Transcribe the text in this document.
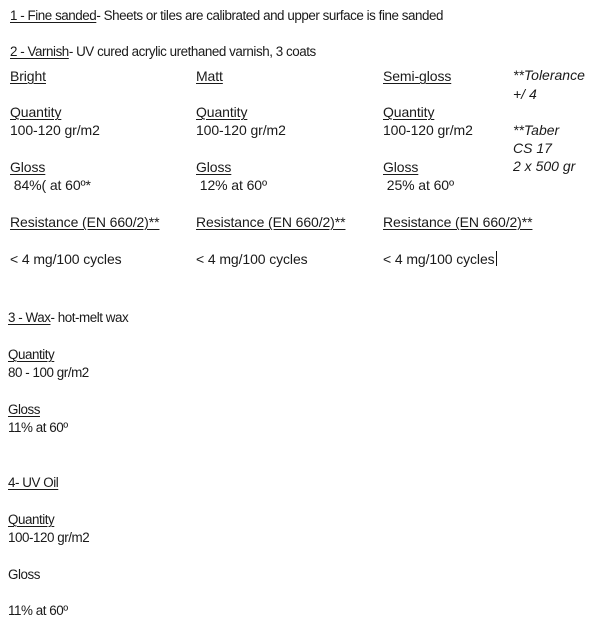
1 - Fine sanded- Sheets or tiles are calibrated and upper surface is fine sanded
2 - Varnish- UV cured acrylic urethaned varnish, 3 coats
Bright
Quantity
100-120 gr/m2
Gloss
84%( at 60º*
Resistance (EN 660/2)**
< 4 mg/100 cycles
Matt
Quantity
100-120 gr/m2
Gloss
12% at 60º
Resistance (EN 660/2)**
< 4 mg/100 cycles
Semi-gloss
Quantity
100-120 gr/m2
Gloss
25% at 60º
Resistance (EN 660/2)**
< 4 mg/100 cycles
**Tolerance
+/ 4
**Taber
CS 17
2 x 500 gr
3 - Wax- hot-melt wax
Quantity
80 - 100 gr/m2
Gloss
11% at 60º
4- UV Oil
Quantity
100-120 gr/m2
Gloss
11% at 60º
